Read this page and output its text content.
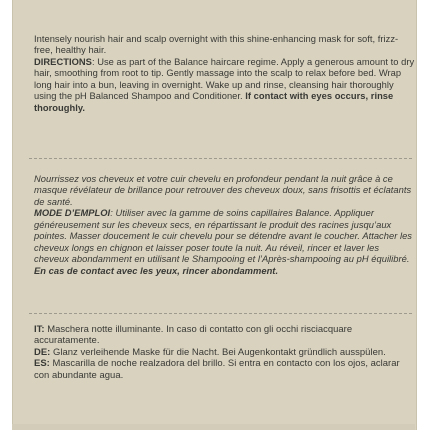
Intensely nourish hair and scalp overnight with this shine-enhancing mask for soft, frizz-free, healthy hair.

DIRECTIONS: Use as part of the Balance haircare regime. Apply a generous amount to dry hair, smoothing from root to tip. Gently massage into the scalp to relax before bed. Wrap long hair into a bun, leaving in overnight. Wake up and rinse, cleansing hair thoroughly using the pH Balanced Shampoo and Conditioner. If contact with eyes occurs, rinse thoroughly.

Nourrissez vos cheveux et votre cuir chevelu en profondeur pendant la nuit grâce à ce masque révélateur de brillance pour retrouver des cheveux doux, sans frisottis et éclatants de santé.

MODE D’EMPLOI: Utiliser avec la gamme de soins capillaires Balance. Appliquer généreusement sur les cheveux secs, en répartissant le produit des racines jusqu’aux pointes. Masser doucement le cuir chevelu pour se détendre avant le coucher. Attacher les cheveux longs en chignon et laisser poser toute la nuit. Au réveil, rincer et laver les cheveux abondamment en utilisant le Shampooing et l’Après-shampooing au pH équilibré. En cas de contact avec les yeux, rincer abondamment.

IT: Maschera notte illuminante. In caso di contatto con gli occhi risciacquare accuratamente.

DE: Glanz verleihende Maske für die Nacht. Bei Augenkontakt gründlich ausspülen.

ES: Mascarilla de noche realzadora del brillo. Si entra en contacto con los ojos, aclarar con abundante agua.
